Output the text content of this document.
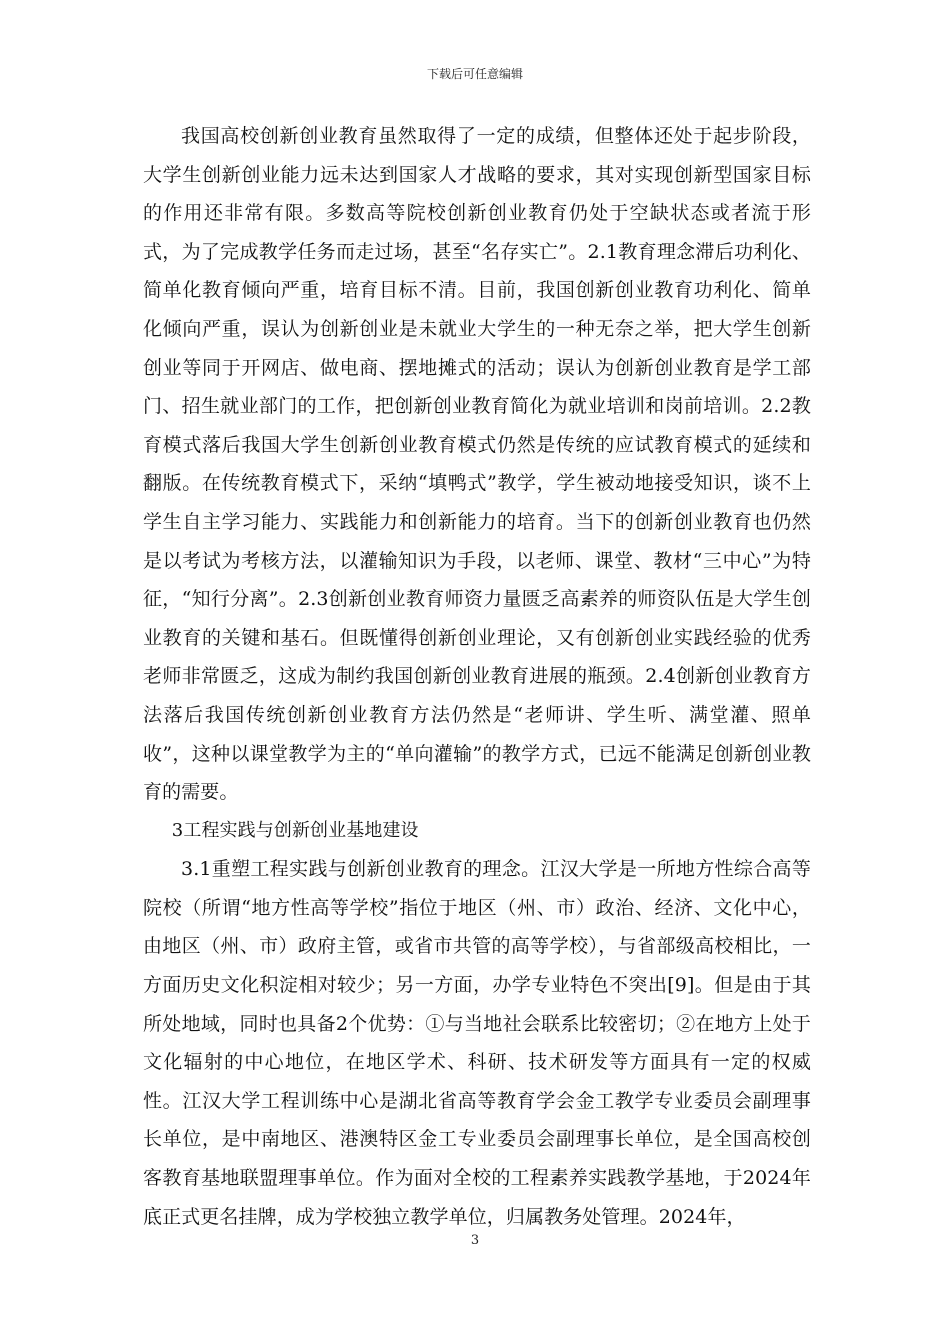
下载后可任意编辑

我国高校创新创业教育虽然取得了一定的成绩，但整体还处于起步阶段，大学生创新创业能力远未达到国家人才战略的要求，其对实现创新型国家目标的作用还非常有限。多数高等院校创新创业教育仍处于空缺状态或者流于形式，为了完成教学任务而走过场，甚至“名存实亡”。2.1教育理念滞后功利化、简单化教育倾向严重，培育目标不清。目前，我国创新创业教育功利化、简单化倾向严重，误认为创新创业是未就业大学生的一种无奈之举，把大学生创新创业等同于开网店、做电商、摆地摊式的活动；误认为创新创业教育是学工部门、招生就业部门的工作，把创新创业教育简化为就业培训和岗前培训。2.2教育模式落后我国大学生创新创业教育模式仍然是传统的应试教育模式的延续和翻版。在传统教育模式下，采纳“填鸭式”教学，学生被动地接受知识，谈不上学生自主学习能力、实践能力和创新能力的培育。当下的创新创业教育也仍然是以考试为考核方法，以灌输知识为手段，以老师、课堂、教材“三中心”为特征，“知行分离”。2.3创新创业教育师资力量匮乏高素养的师资队伍是大学生创业教育的关键和基石。但既懂得创新创业理论，又有创新创业实践经验的优秀老师非常匮乏，这成为制约我国创新创业教育进展的瓶颈。2.4创新创业教育方法落后我国传统创新创业教育方法仍然是“老师讲、学生听、满堂灌、照单收”，这种以课堂教学为主的“单向灌输”的教学方式，已远不能满足创新创业教育的需要。

3工程实践与创新创业基地建设

3.1重塑工程实践与创新创业教育的理念。江汉大学是一所地方性综合高等院校（所谓“地方性高等学校”指位于地区（州、市）政治、经济、文化中心，由地区（州、市）政府主管，或省市共管的高等学校），与省部级高校相比，一方面历史文化积淀相对较少；另一方面，办学专业特色不突出[9]。但是由于其所处地域，同时也具备2个优势：①与当地社会联系比较密切；②在地方上处于文化辐射的中心地位，在地区学术、科研、技术研发等方面具有一定的权威性。江汉大学工程训练中心是湖北省高等教育学会金工教学专业委员会副理事长单位，是中南地区、港澳特区金工专业委员会副理事长单位，是全国高校创客教育基地联盟理事单位。作为面对全校的工程素养实践教学基地，于2024年底正式更名挂牌，成为学校独立教学单位，归属教务处管理。2024年，

3
